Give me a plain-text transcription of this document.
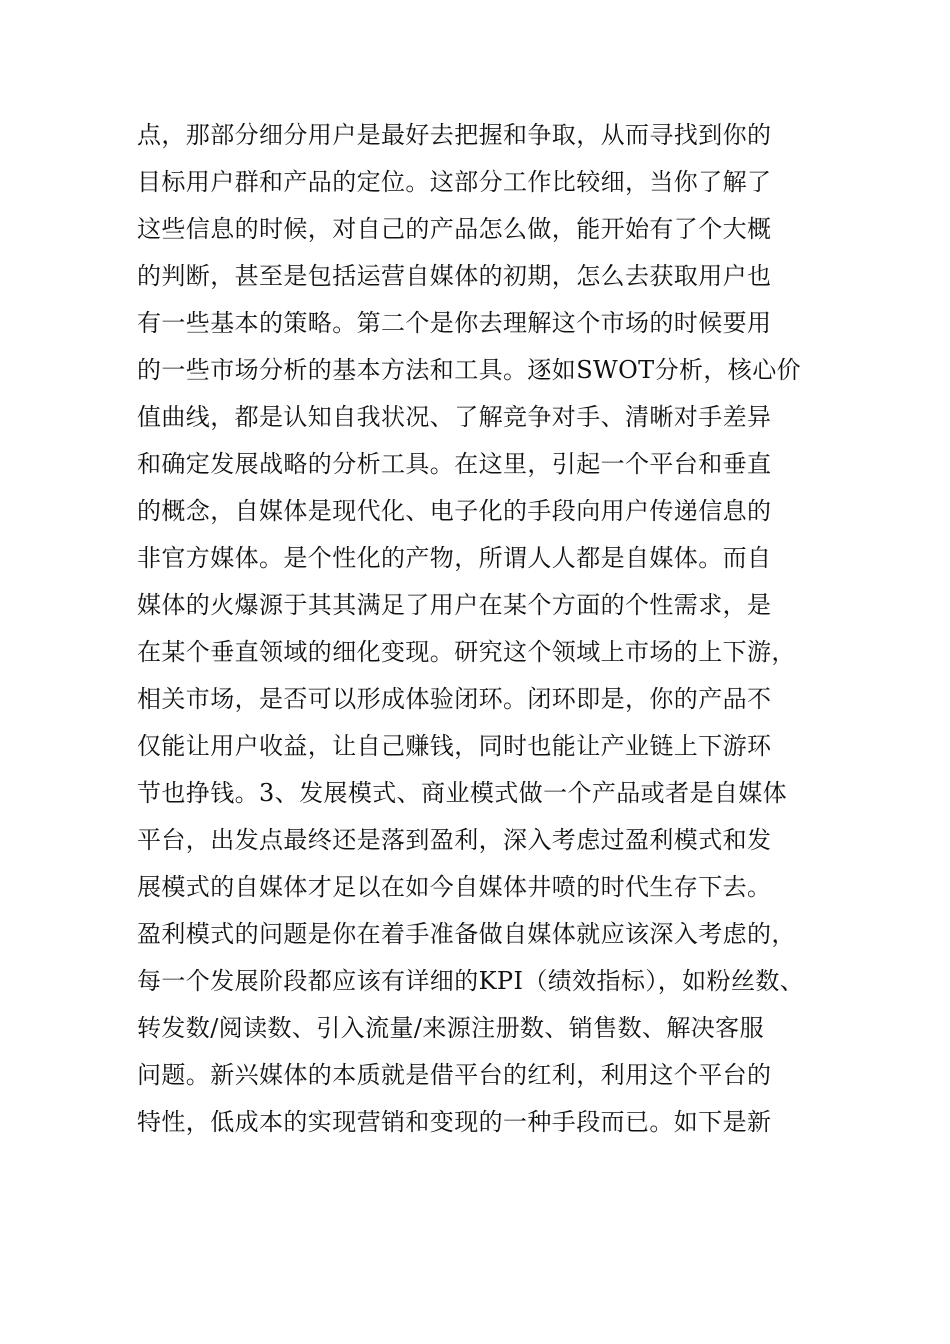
点，那部分细分用户是最好去把握和争取，从而寻找到你的
目标用户群和产品的定位。这部分工作比较细，当你了解了
这些信息的时候，对自己的产品怎么做，能开始有了个大概
的判断，甚至是包括运营自媒体的初期，怎么去获取用户也
有一些基本的策略。第二个是你去理解这个市场的时候要用
的一些市场分析的基本方法和工具。逐如SWOT分析，核心价
值曲线，都是认知自我状况、了解竞争对手、清晰对手差异
和确定发展战略的分析工具。在这里，引起一个平台和垂直
的概念，自媒体是现代化、电子化的手段向用户传递信息的
非官方媒体。是个性化的产物，所谓人人都是自媒体。而自
媒体的火爆源于其其满足了用户在某个方面的个性需求，是
在某个垂直领域的细化变现。研究这个领域上市场的上下游，
相关市场，是否可以形成体验闭环。闭环即是，你的产品不
仅能让用户收益，让自己赚钱，同时也能让产业链上下游环
节也挣钱。3、发展模式、商业模式做一个产品或者是自媒体
平台，出发点最终还是落到盈利，深入考虑过盈利模式和发
展模式的自媒体才足以在如今自媒体井喷的时代生存下去。
盈利模式的问题是你在着手准备做自媒体就应该深入考虑的，
每一个发展阶段都应该有详细的KPI（绩效指标），如粉丝数、
转发数/阅读数、引入流量/来源注册数、销售数、解决客服
问题。新兴媒体的本质就是借平台的红利，利用这个平台的
特性，低成本的实现营销和变现的一种手段而已。如下是新
